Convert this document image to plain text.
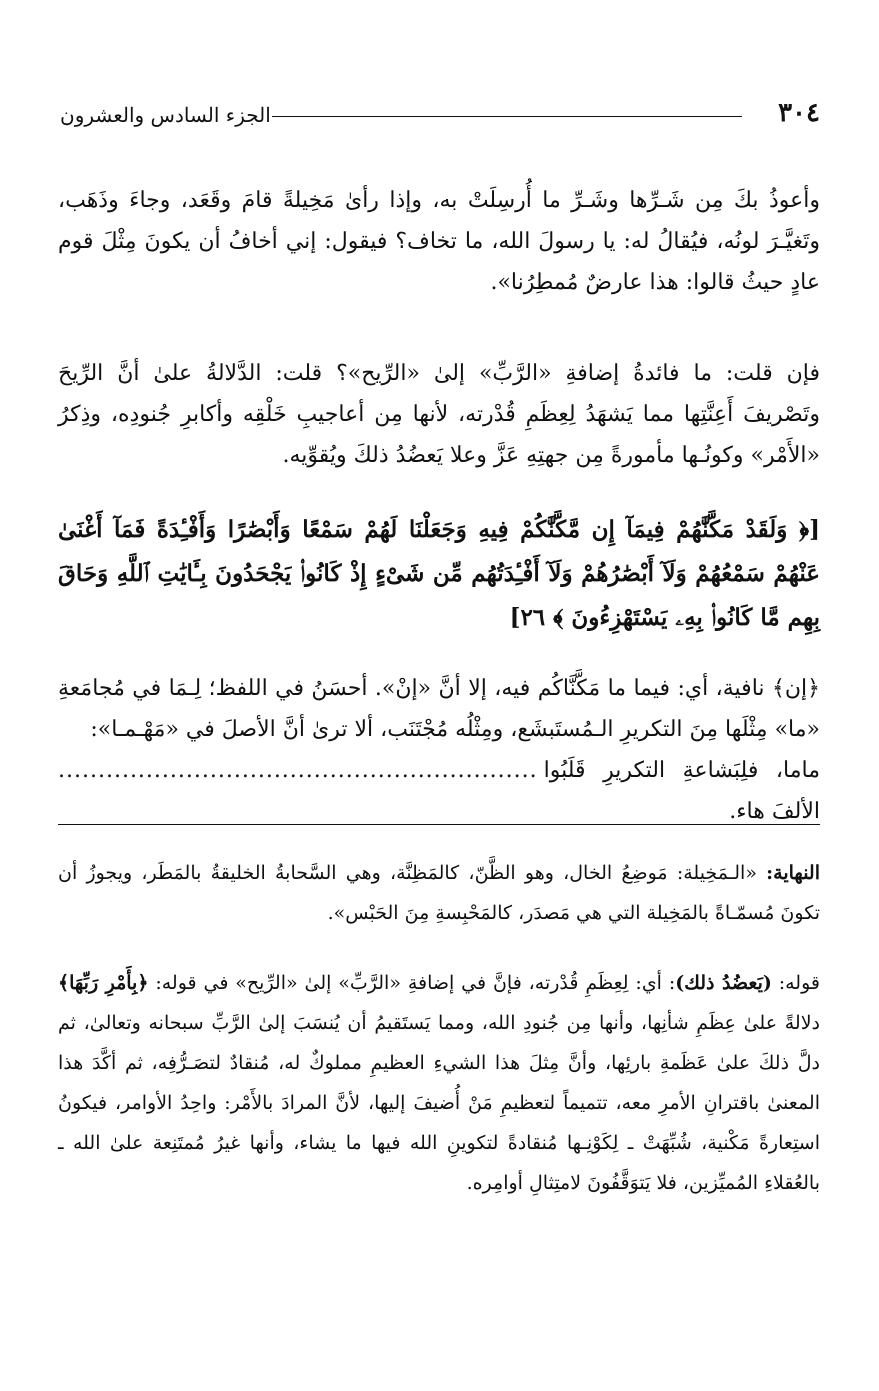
٣٠٤
الجزء السادس والعشرون

وأعوذُ بكَ مِن شَـرِّها وشَـرِّ ما أُرسِلَتْ به، وإذا رأىٰ مَخِيلةً قامَ وقَعَد، وجاءَ وذَهَب، وتَغيَّـرَ لونُه، فيُقالُ له: يا رسولَ الله، ما تخاف؟ فيقول: إني أخافُ أن يكونَ مِثْلَ قوم عادٍ حيثُ قالوا: هذا عارضٌ مُمطِرُنا».

فإن قلت: ما فائدةُ إضافةِ «الرَّبِّ» إلىٰ «الرِّيح»؟ قلت: الدَّلالةُ علىٰ أنَّ الرِّيحَ وتَصْريفَ أَعِنَّتِها مما يَشهَدُ لِعِظَمِ قُدْرته، لأنها مِن أعاجيبِ خَلْقِه وأكابرِ جُنودِه، وذِكرُ «الأَمْر» وكونُـها مأمورةً مِن جهتِهِ عَزَّ وعلا يَعضُدُ ذلكَ ويُقوِّيه.

[﴿ وَلَقَدْ مَكَّنَّٰهُمْ فِيمَآ إِن مَّكَّنَّٰكُمْ فِيهِ وَجَعَلْنَا لَهُمْ سَمْعًا وَأَبْصَٰرًا وَأَفْـِٔدَةً فَمَآ أَغْنَىٰ عَنْهُمْ سَمْعُهُمْ وَلَآ أَبْصَٰرُهُمْ وَلَآ أَفْـِٔدَتُهُم مِّن شَىْءٍ إِذْ كَانُوا۟ يَجْحَدُونَ بِـَٔايَٰتِ ٱللَّهِ وَحَاقَ بِهِم مَّا كَانُوا۟ بِهِۦ يَسْتَهْزِءُونَ ﴾ ٢٦]

﴿إن﴾ نافية، أي: فيما ما مَكَّنَّاكُم فيه، إلا أنَّ «إنْ». أحسَنُ في اللفظ؛ لِـمَا في مُجامَعةِ «ما» مِثْلَها مِنَ التكريرِ الـمُستَبشَع، ومِثْلُه مُجْتَنَب، ألا ترىٰ أنَّ الأصلَ في «مَهْـمـا»:

ماما، فلِبَشاعةِ التكريرِ قَلَبُوا الألفَ هاء.
............................................................

النهاية: «الـمَخِيلة: مَوضِعُ الخال، وهو الظَّنّ، كالمَظِنَّة، وهي السَّحابةُ الخليقةُ بالمَطَر، ويجوزُ أن تكونَ مُسمّـاةً بالمَخِيلة التي هي مَصدَر، كالمَحْبِسةِ مِنَ الحَبْس».

قوله: (يَعضُدُ ذلك): أي: لِعِظَمِ قُدْرته، فإنَّ في إضافةِ «الرَّبِّ» إلىٰ «الرِّيح» في قوله: ﴿بِأَمْرِ رَبِّهَا﴾ دلالةً علىٰ عِظَمِ شأنِها، وأنها مِن جُنودِ الله، ومما يَستَقيمُ أن يُنسَبَ إلىٰ الرَّبِّ سبحانه وتعالىٰ، ثم دلَّ ذلكَ علىٰ عَظَمةِ بارئِها، وأنَّ مِثلَ هذا الشيءِ العظيمِ مملوكٌ له، مُنقادٌ لتصَـرُّفِه، ثم أكَّدَ هذا المعنىٰ باقترانِ الأمرِ معه، تتميماً لتعظيمِ مَنْ أُضيفَ إليها، لأنَّ المرادَ بالأَمْر: واحِدُ الأوامر، فيكونُ استِعارةً مَكْنية، شُبِّهَتْ ـ لِكَوْنِـها مُنقادةً لتكوينِ الله فيها ما يشاء، وأنها غيرُ مُمتَنِعة علىٰ الله ـ بالعُقلاءِ المُميِّزين، فلا يَتوَقَّفُونَ لامتِثالِ أوامِره.
